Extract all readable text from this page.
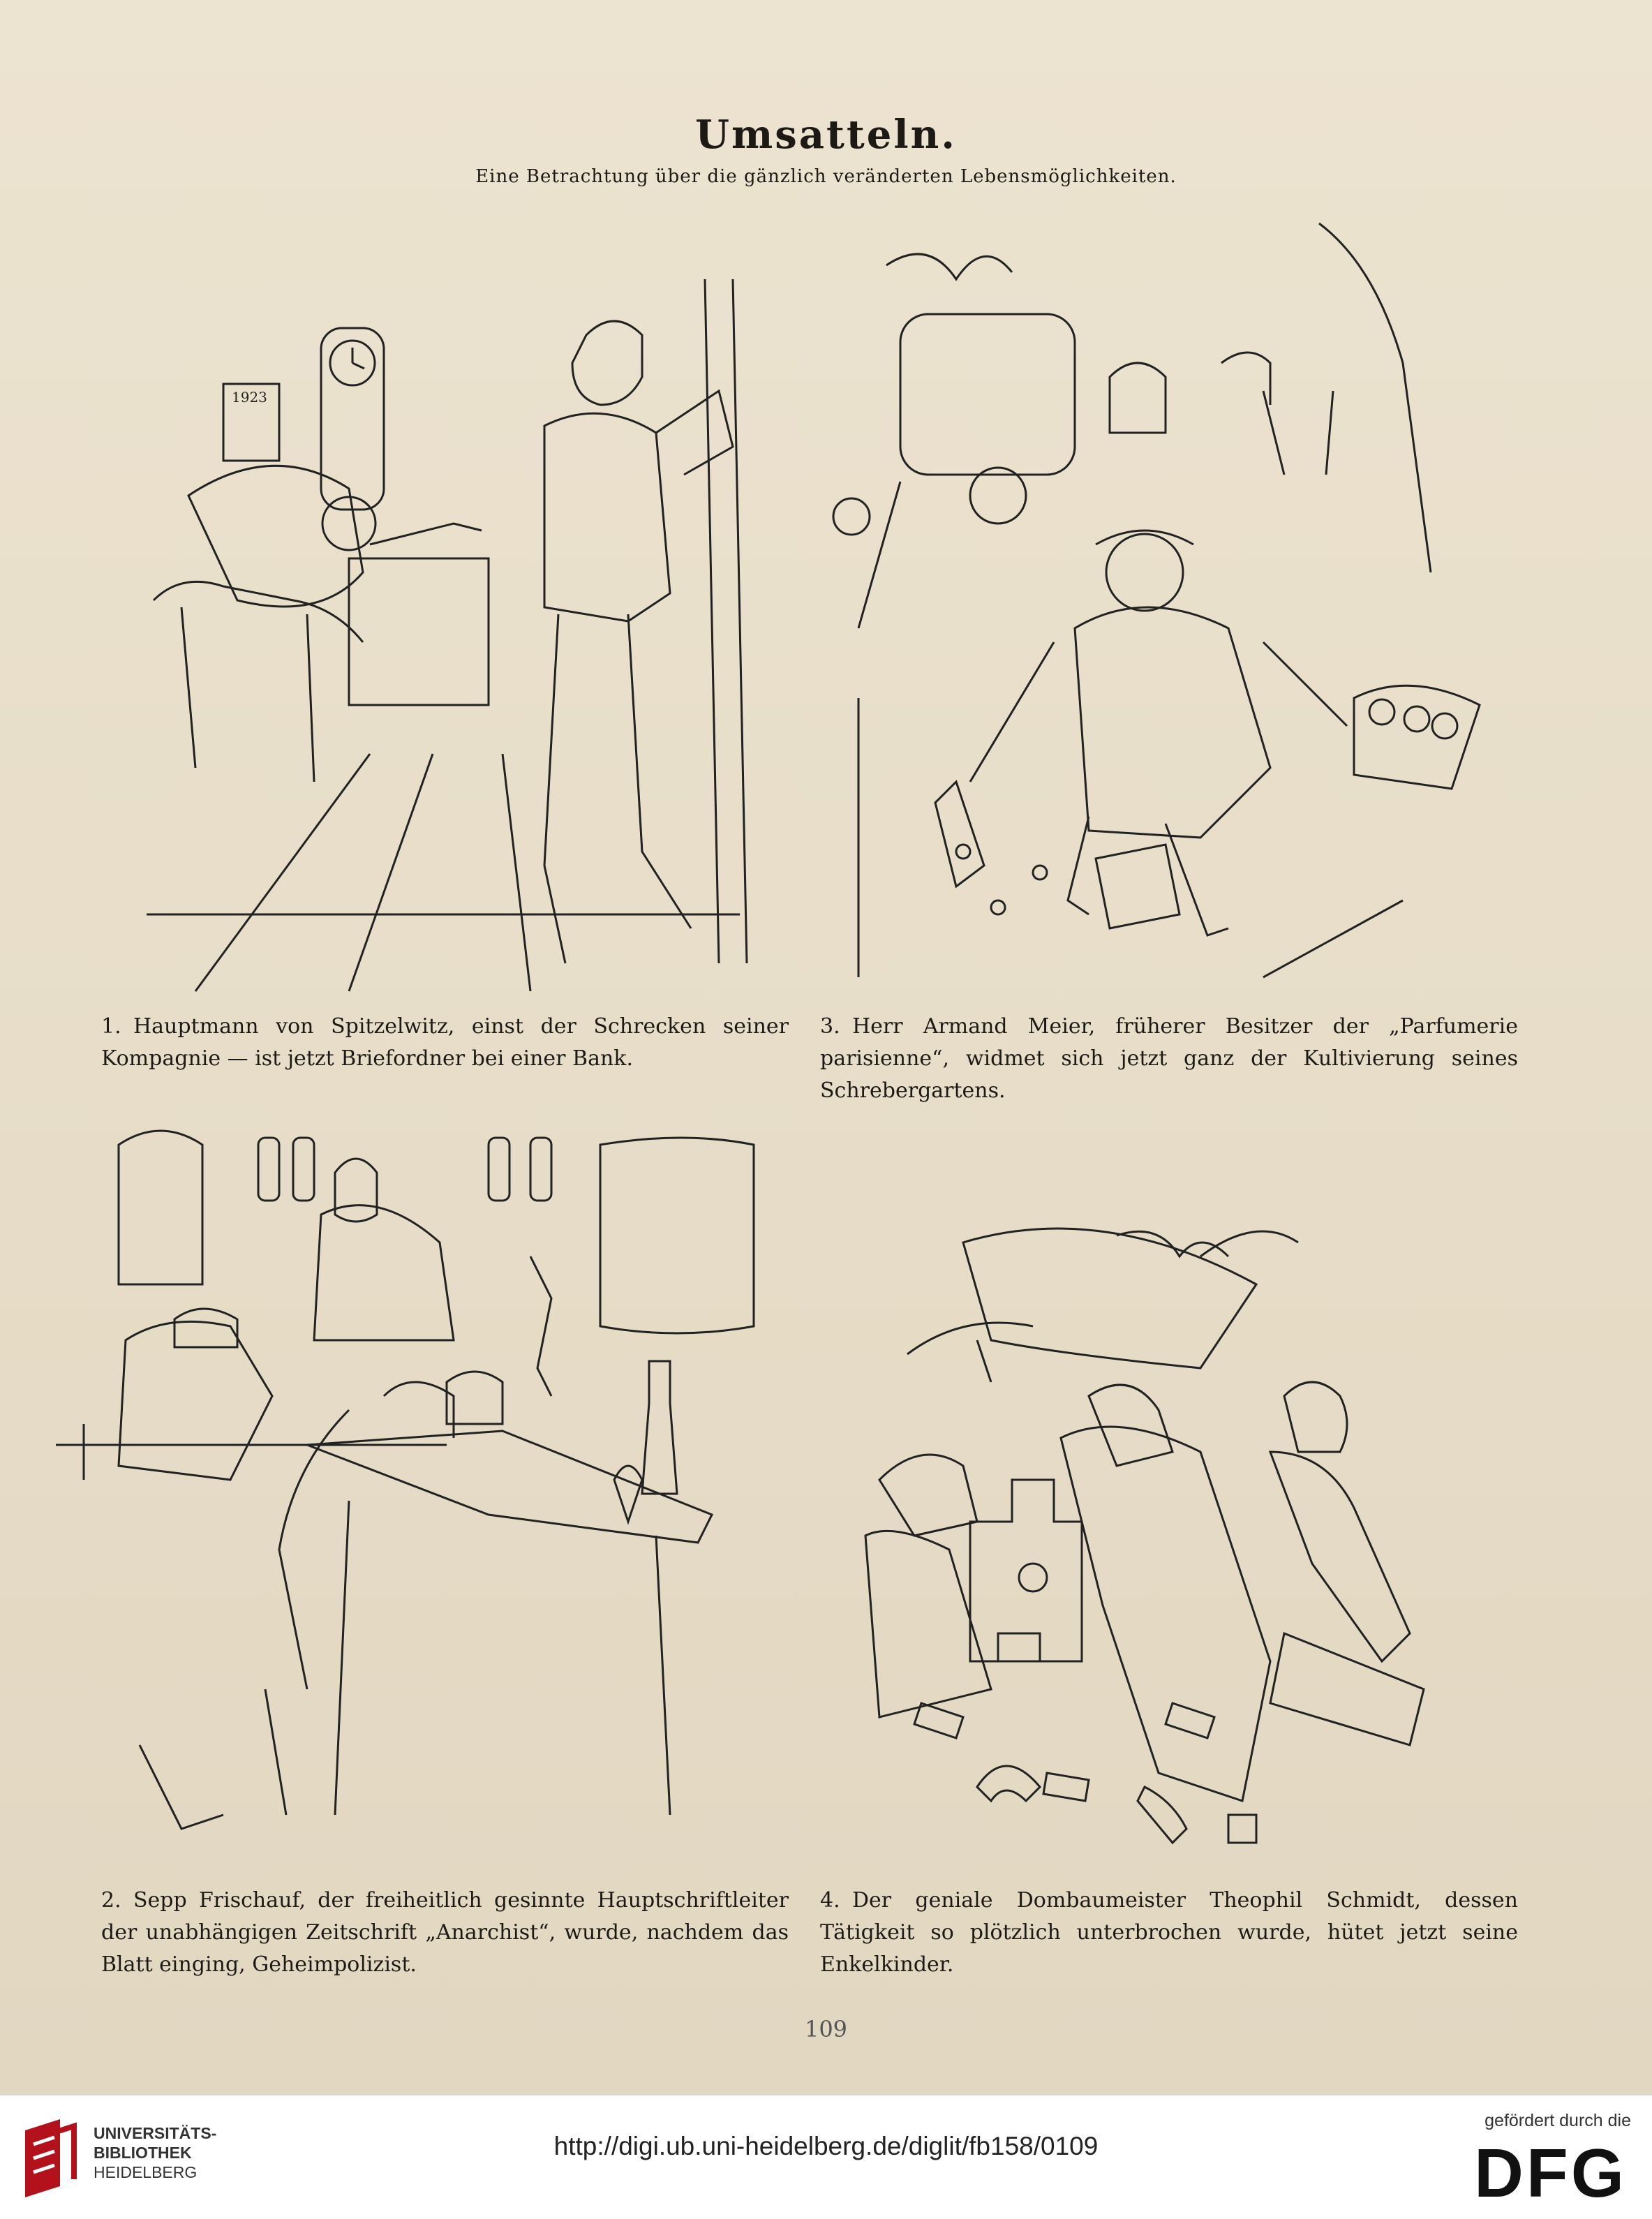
Umsatteln.
Eine Betrachtung über die gänzlich veränderten Lebensmöglichkeiten.
1923
1. Hauptmann von Spitzelwitz, einst der Schrecken seiner Kompagnie — ist jetzt Briefordner bei einer Bank.
3. Herr Armand Meier, früherer Besitzer der „Parfumerie parisienne“, widmet sich jetzt ganz der Kultivierung seines Schrebergartens.
2. Sepp Frischauf, der freiheitlich gesinnte Hauptschriftleiter der unabhängigen Zeitschrift „Anarchist“, wurde, nachdem das Blatt einging, Geheimpolizist.
4. Der geniale Dombaumeister Theophil Schmidt, dessen Tätigkeit so plötzlich unterbrochen wurde, hütet jetzt seine Enkelkinder.
109
UNIVERSITÄTS-
BIBLIOTHEK
HEIDELBERG
http://digi.ub.uni-heidelberg.de/diglit/fb158/0109
gefördert durch die
DFG
